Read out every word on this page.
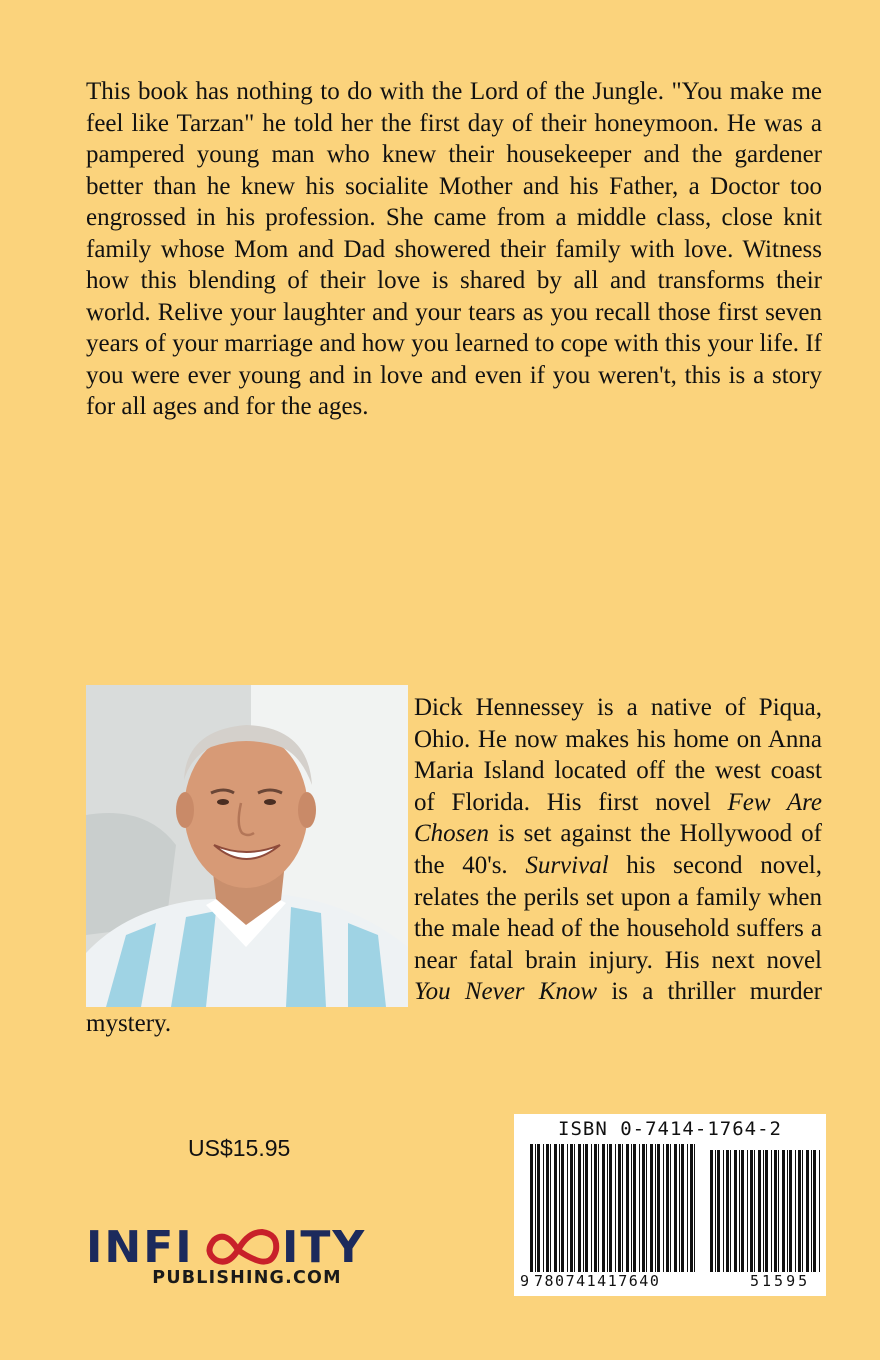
This book has nothing to do with the Lord of the Jungle. "You make me feel like Tarzan" he told her the first day of their honeymoon. He was a pampered young man who knew their housekeeper and the gardener better than he knew his socialite Mother and his Father, a Doctor too engrossed in his profession. She came from a middle class, close knit family whose Mom and Dad showered their family with love. Witness how this blending of their love is shared by all and transforms their world. Relive your laughter and your tears as you recall those first seven years of your marriage and how you learned to cope with this your life. If you were ever young and in love and even if you weren't, this is a story for all ages and for the ages.

Dick Hennessey is a native of Piqua, Ohio. He now makes his home on Anna Maria Island located off the west coast of Florida. His first novel Few Are Chosen is set against the Hollywood of the 40's. Survival his second novel, relates the perils set upon a family when the male head of the household suffers a near fatal brain injury. His next novel You Never Know is a thriller murder mystery.

US$15.95
INFI ITY
PUBLISHING.COM
ISBN 0-7414-1764-2
9 780741417640	51595
